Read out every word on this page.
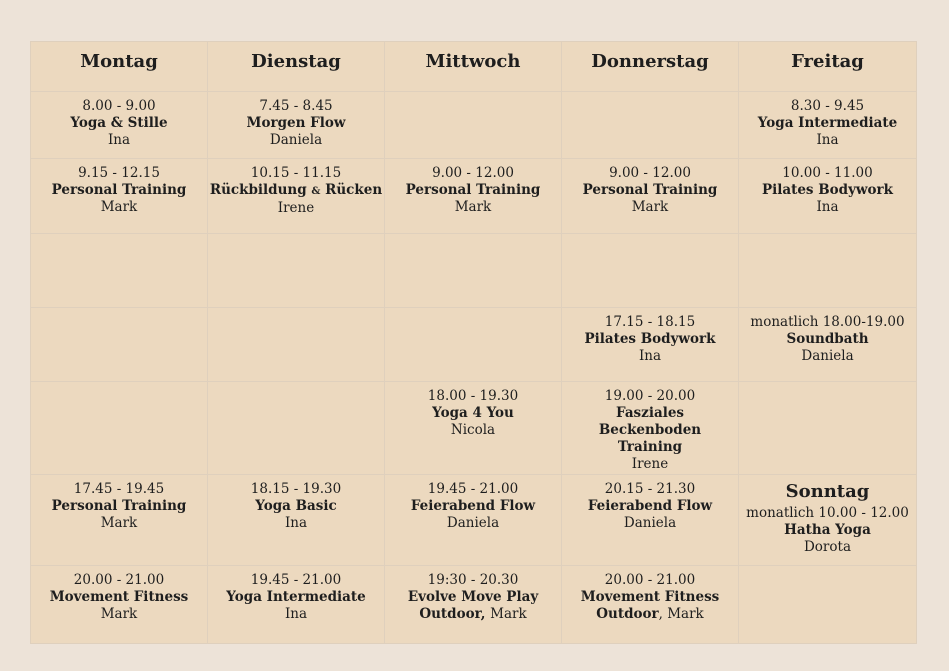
Montag	Dienstag	Mittwoch	Donnerstag	Freitag

8.00 - 9.00
Yoga & Stille
Ina	7.45 - 8.45
Morgen Flow
Daniela			8.30 - 9.45
Yoga Intermediate
Ina

9.15 - 12.15
Personal Training
Mark	10.15 - 11.15
Rückbildung & Rücken
Irene	9.00 - 12.00
Personal Training
Mark	9.00 - 12.00
Personal Training
Mark	10.00 - 11.00
Pilates Bodywork
Ina

			17.15 - 18.15
Pilates Bodywork
Ina	monatlich 18.00-19.00
Soundbath
Daniela

		18.00 - 19.30
Yoga 4 You
Nicola	19.00 - 20.00
Fasziales Beckenboden Training
Irene	

17.45 - 19.45
Personal Training
Mark	18.15 - 19.30
Yoga Basic
Ina	19.45 - 21.00
Feierabend Flow
Daniela	20.15 - 21.30
Feierabend Flow
Daniela	Sonntag
monatlich 10.00 - 12.00
Hatha Yoga
Dorota

20.00 - 21.00
Movement Fitness
Mark	19.45 - 21.00
Yoga Intermediate
Ina	19:30 - 20.30
Evolve Move Play
Outdoor, Mark	20.00 - 21.00
Movement Fitness
Outdoor, Mark	
